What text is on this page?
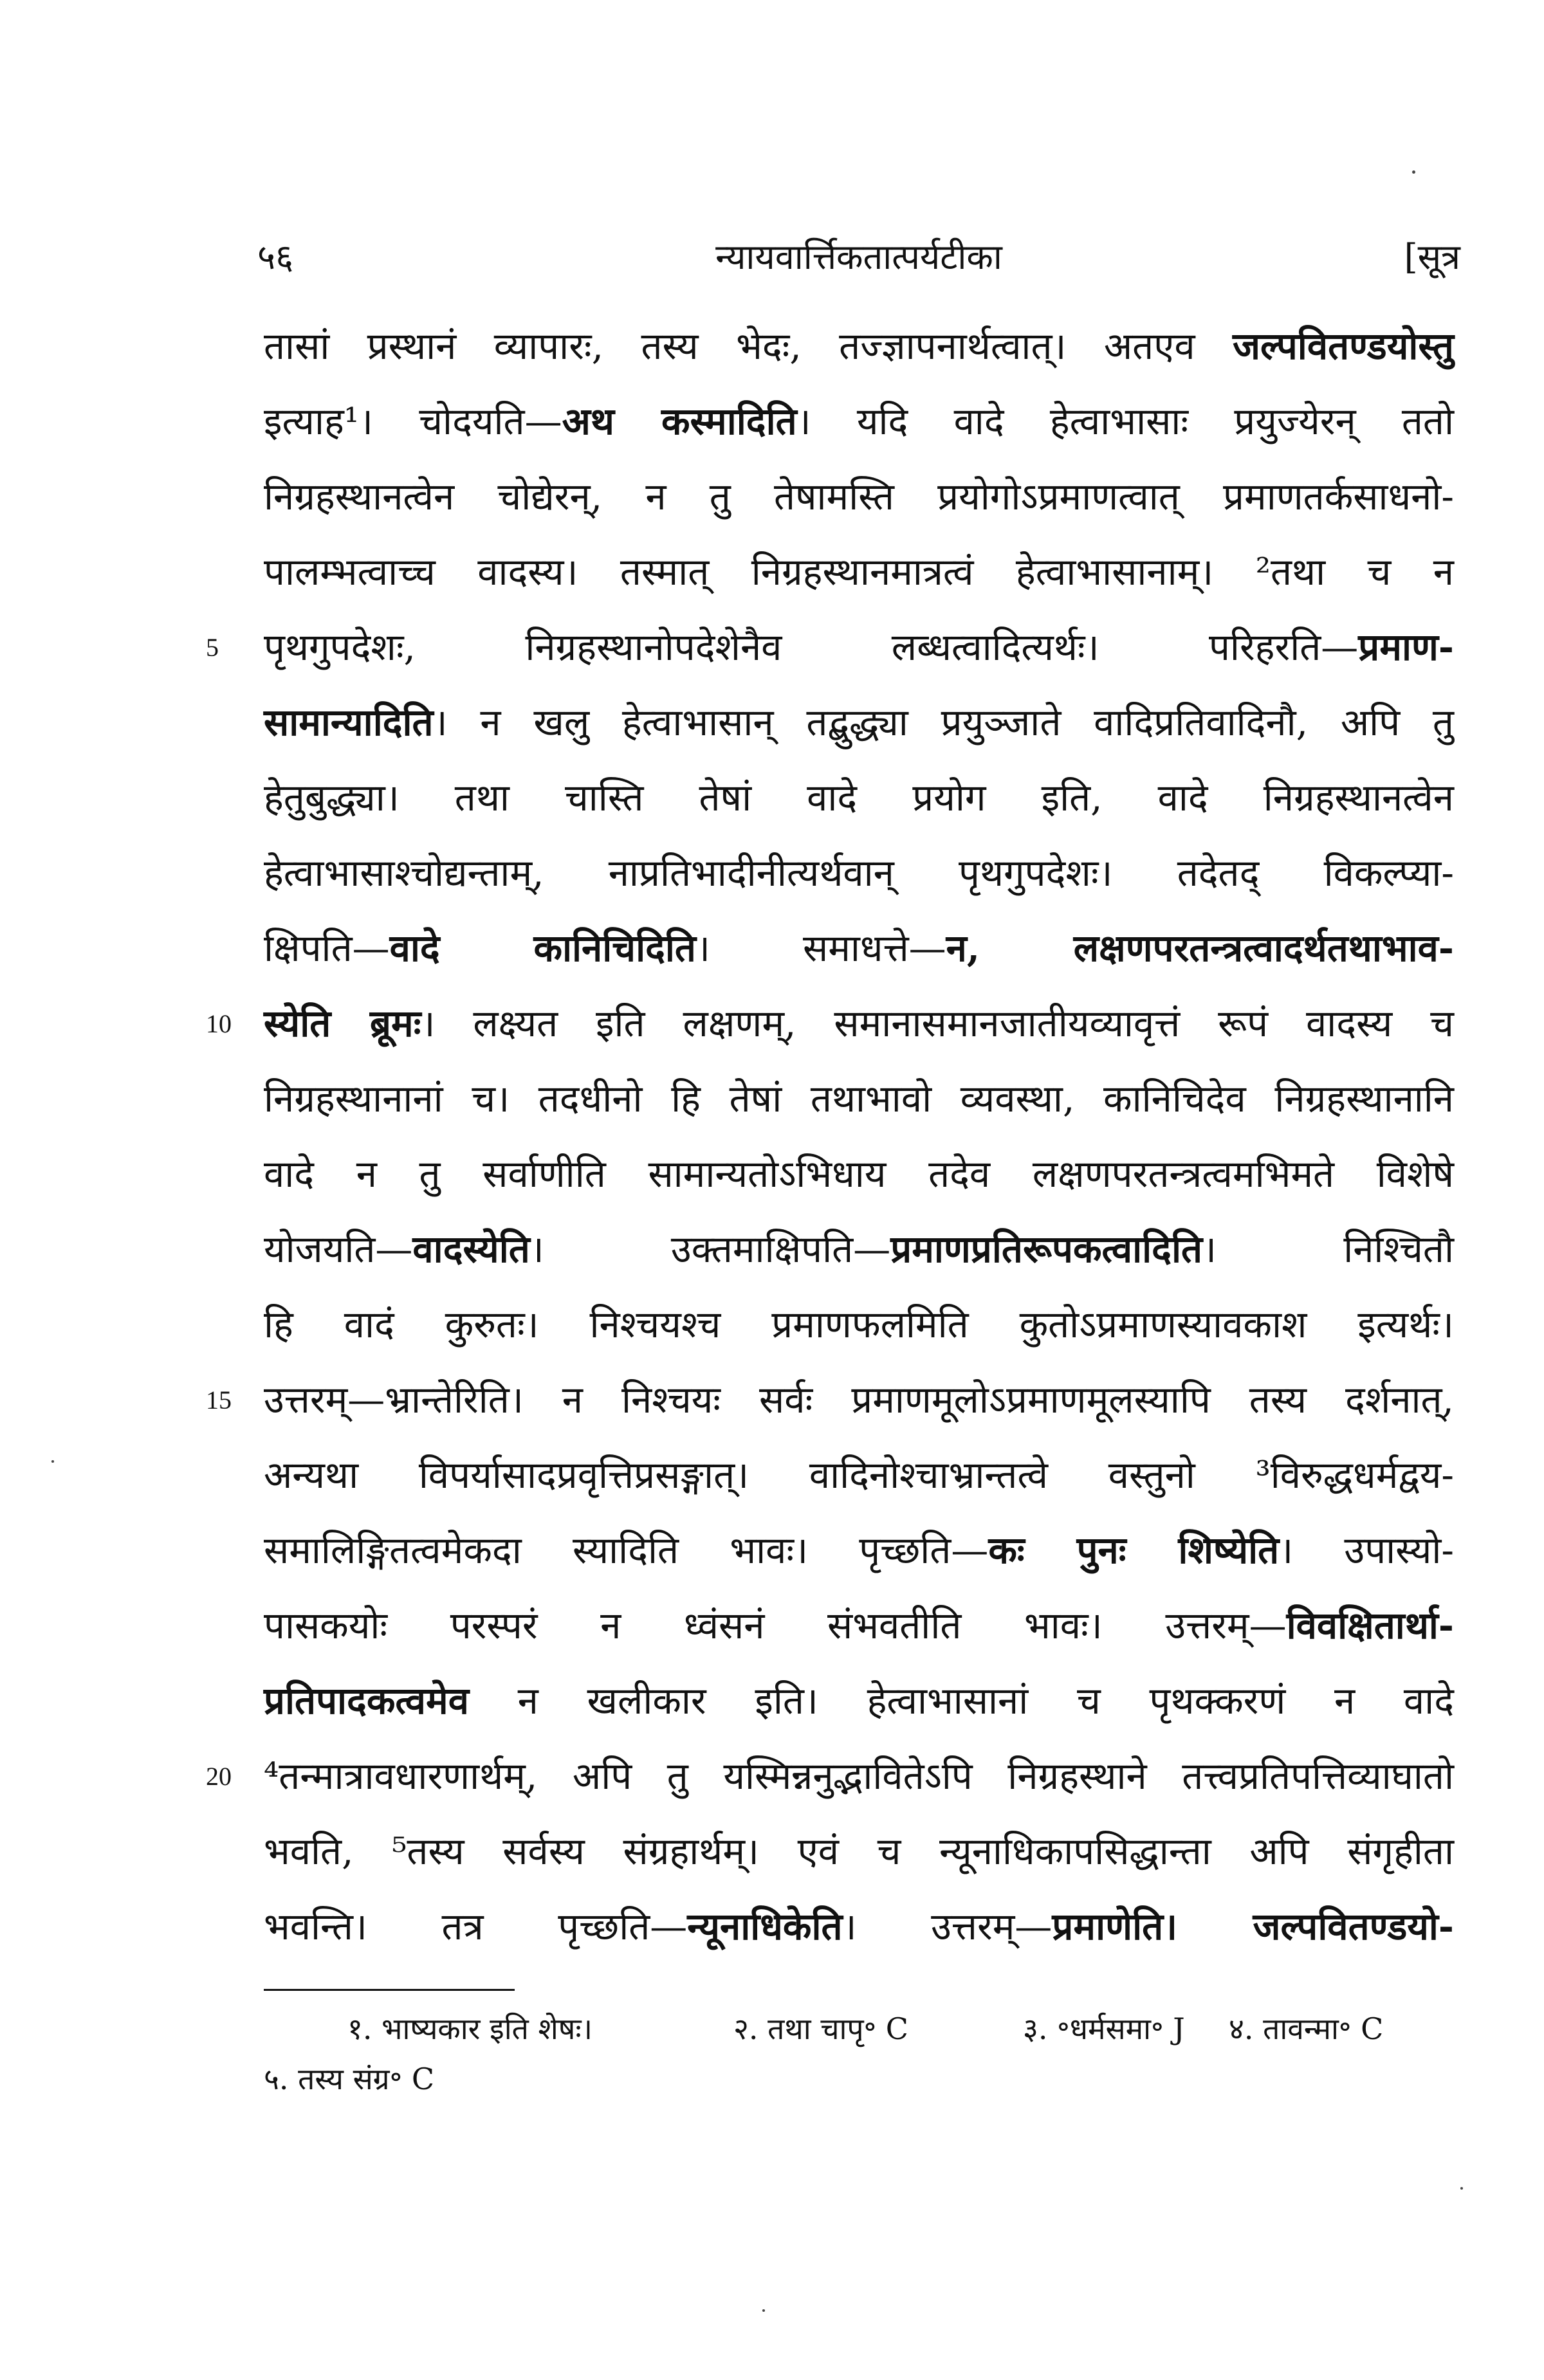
५६	न्यायवार्त्तिकतात्पर्यटीका	[सूत्र
तासां प्रस्थानं व्यापारः, तस्य भेदः, तज्ज्ञापनार्थत्वात्। अतएव जल्पवितण्डयोस्तु
इत्याह¹। चोदयति—अथ कस्मादिति। यदि वादे हेत्वाभासाः प्रयुज्येरन् ततो
निग्रहस्थानत्वेन चोद्येरन्, न तु तेषामस्ति प्रयोगोऽप्रमाणत्वात् प्रमाणतर्कसाधनो-
पालम्भत्वाच्च वादस्य। तस्मात् निग्रहस्थानमात्रत्वं हेत्वाभासानाम्। ²तथा च न
5	पृथगुपदेशः, निग्रहस्थानोपदेशेनैव लब्धत्वादित्यर्थः। परिहरति—प्रमाण-
सामान्यादिति। न खलु हेत्वाभासान् तद्बुद्ध्या प्रयुञ्जाते वादिप्रतिवादिनौ, अपि तु
हेतुबुद्ध्या। तथा चास्ति तेषां वादे प्रयोग इति, वादे निग्रहस्थानत्वेन
हेत्वाभासाश्चोद्यन्ताम्, नाप्रतिभादीनीत्यर्थवान् पृथगुपदेशः। तदेतद् विकल्प्या-
क्षिपति—वादे कानिचिदिति। समाधत्ते—न, लक्षणपरतन्त्रत्वादर्थतथाभाव-
10 स्येति ब्रूमः। लक्ष्यत इति लक्षणम्, समानासमानजातीयव्यावृत्तं रूपं वादस्य च
निग्रहस्थानानां च। तदधीनो हि तेषां तथाभावो व्यवस्था, कानिचिदेव निग्रहस्थानानि
वादे न तु सर्वाणीति सामान्यतोऽभिधाय तदेव लक्षणपरतन्त्रत्वमभिमते विशेषे
योजयति—वादस्येति। उक्तमाक्षिपति—प्रमाणप्रतिरूपकत्वादिति। निश्चितौ
हि वादं कुरुतः। निश्चयश्च प्रमाणफलमिति कुतोऽप्रमाणस्यावकाश इत्यर्थः।
15 उत्तरम्—भ्रान्तेरिति। न निश्चयः सर्वः प्रमाणमूलोऽप्रमाणमूलस्यापि तस्य दर्शनात्,
अन्यथा विपर्यासादप्रवृत्तिप्रसङ्गात्। वादिनोश्चाभ्रान्तत्वे वस्तुनो ³विरुद्धधर्मद्वय-
समालिङ्गितत्वमेकदा स्यादिति भावः। पृच्छति—कः पुनः शिष्येति। उपास्यो-
पासकयोः परस्परं न ध्वंसनं संभवतीति भावः। उत्तरम्—विवक्षितार्था-
प्रतिपादकत्वमेव न खलीकार इति। हेत्वाभासानां च पृथक्करणं न वादे
20 ⁴तन्मात्रावधारणार्थम्, अपि तु यस्मिन्ननुद्भावितेऽपि निग्रहस्थाने तत्त्वप्रतिपत्तिव्याघातो
भवति, ⁵तस्य सर्वस्य संग्रहार्थम्। एवं च न्यूनाधिकापसिद्धान्ता अपि संगृहीता
भवन्ति। तत्र पृच्छति—न्यूनाधिकेति। उत्तरम्—प्रमाणेति। जल्पवितण्डयो-
१. भाष्यकार इति शेषः।	२. तथा चापृ॰ C	३. ॰धर्मसमा॰ J ४. तावन्मा॰ C
५. तस्य संग्र॰ C
